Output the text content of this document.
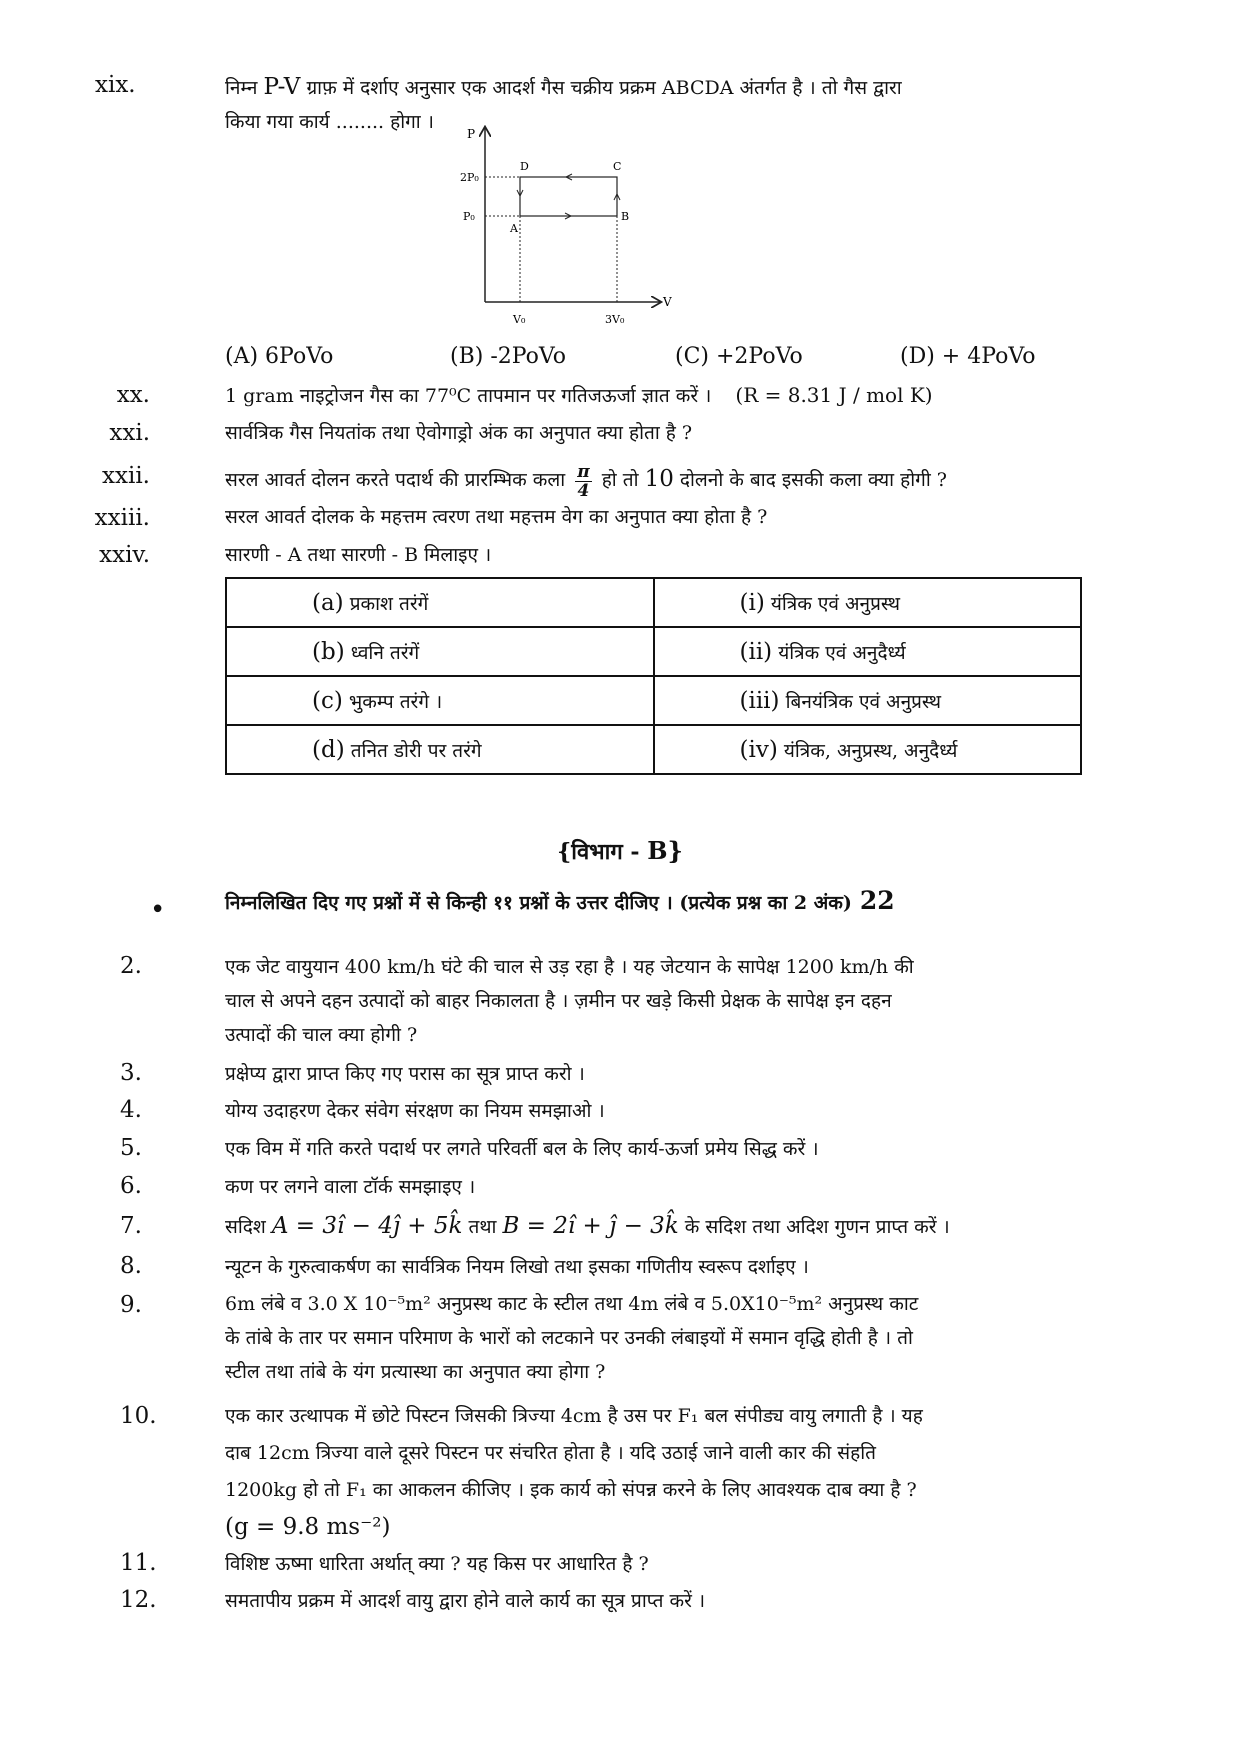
xix.	निम्न P-V ग्राफ़ में दर्शाए अनुसार एक आदर्श गैस चक्रीय प्रक्रम ABCDA अंतर्गत है । तो गैस द्वारा
किया गया कार्य ........ होगा ।
P
V
2P₀
P₀
V₀	3V₀
A
B
C
D
(A) 6PoVo	(B) -2PoVo	(C) +2PoVo	(D) + 4PoVo
xx.	1 gram नाइट्रोजन गैस का 77⁰C तापमान पर गतिजऊर्जा ज्ञात करें । (R = 8.31 J / mol K)
xxi.	सार्वत्रिक गैस नियतांक तथा ऐवोगाड्रो अंक का अनुपात क्या होता है ?
xxii.	सरल आवर्त दोलन करते पदार्थ की प्रारम्भिक कला $\frac{\pi}{4}$ हो तो 10 दोलनो के बाद इसकी कला क्या होगी ?
xxiii.	सरल आवर्त दोलक के महत्तम त्वरण तथा महत्तम वेग का अनुपात क्या होता है ?
xxiv.	सारणी - A तथा सारणी - B मिलाइए ।
(a) प्रकाश तरंगें	(i) यंत्रिक एवं अनुप्रस्थ
(b) ध्वनि तरंगें	(ii) यंत्रिक एवं अनुदैर्ध्य
(c) भुकम्प तरंगे ।	(iii) बिनयंत्रिक एवं अनुप्रस्थ
(d) तनित डोरी पर तरंगे	(iv) यंत्रिक, अनुप्रस्थ, अनुदैर्ध्य
{विभाग - B}
•	निम्नलिखित दिए गए प्रश्नों में से किन्ही ११ प्रश्नों के उत्तर दीजिए । (प्रत्येक प्रश्न का 2 अंक) 22
2.	एक जेट वायुयान 400 km/h घंटे की चाल से उड़ रहा है । यह जेटयान के सापेक्ष 1200 km/h की
चाल से अपने दहन उत्पादों को बाहर निकालता है । ज़मीन पर खड़े किसी प्रेक्षक के सापेक्ष इन दहन
उत्पादों की चाल क्या होगी ?
3.	प्रक्षेप्य द्वारा प्राप्त किए गए परास का सूत्र प्राप्त करो ।
4.	योग्य उदाहरण देकर संवेग संरक्षण का नियम समझाओ ।
5.	एक विम में गति करते पदार्थ पर लगते परिवर्ती बल के लिए कार्य-ऊर्जा प्रमेय सिद्ध करें ।
6.	कण पर लगने वाला टॉर्क समझाइए ।
7.	सदिश A = 3î − 4ĵ + 5k̂ तथा B = 2î + ĵ − 3k̂ के सदिश तथा अदिश गुणन प्राप्त करें ।
8.	न्यूटन के गुरुत्वाकर्षण का सार्वत्रिक नियम लिखो तथा इसका गणितीय स्वरूप दर्शाइए ।
9.	6m लंबे व 3.0 X 10⁻⁵m² अनुप्रस्थ काट के स्टील तथा 4m लंबे व 5.0X10⁻⁵m² अनुप्रस्थ काट
के तांबे के तार पर समान परिमाण के भारों को लटकाने पर उनकी लंबाइयों में समान वृद्धि होती है । तो
स्टील तथा तांबे के यंग प्रत्यास्था का अनुपात क्या होगा ?
10.	एक कार उत्थापक में छोटे पिस्टन जिसकी त्रिज्या 4cm है उस पर F₁ बल संपीड्य वायु लगाती है । यह
दाब 12cm त्रिज्या वाले दूसरे पिस्टन पर संचरित होता है । यदि उठाई जाने वाली कार की संहति
1200kg हो तो F₁ का आकलन कीजिए । इक कार्य को संपन्न करने के लिए आवश्यक दाब क्या है ?
(g = 9.8 ms⁻²)
11.	विशिष्ट ऊष्मा धारिता अर्थात् क्या ? यह किस पर आधारित है ?
12.	समतापीय प्रक्रम में आदर्श वायु द्वारा होने वाले कार्य का सूत्र प्राप्त करें ।
